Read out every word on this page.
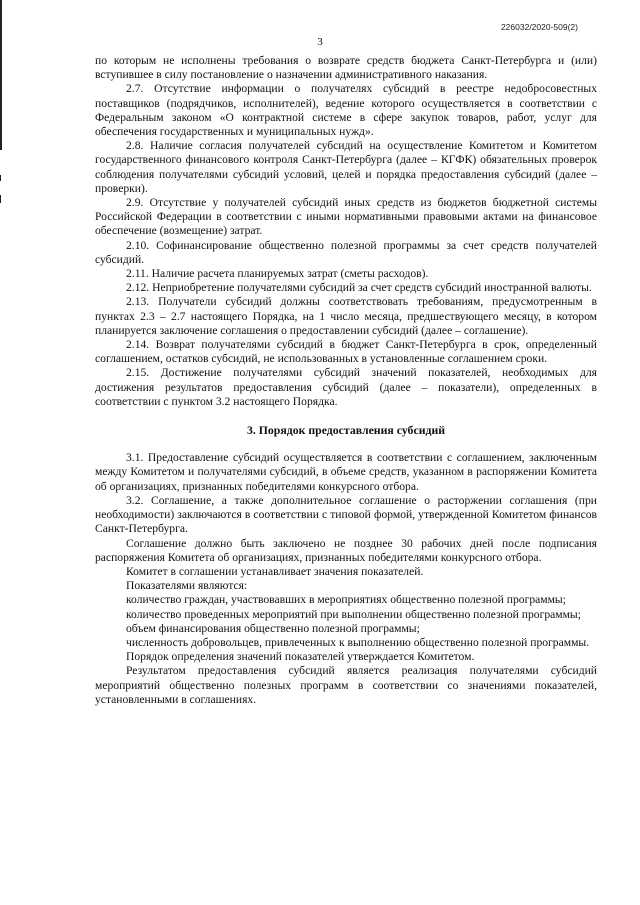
226032/2020-509(2)
3

по которым не исполнены требования о возврате средств бюджета Санкт-Петербурга и (или) вступившее в силу постановление о назначении административного наказания.

2.7. Отсутствие информации о получателях субсидий в реестре недобросовестных поставщиков (подрядчиков, исполнителей), ведение которого осуществляется в соответствии с Федеральным законом «О контрактной системе в сфере закупок товаров, работ, услуг для обеспечения государственных и муниципальных нужд».

2.8. Наличие согласия получателей субсидий на осуществление Комитетом и Комитетом государственного финансового контроля Санкт-Петербурга (далее – КГФК) обязательных проверок соблюдения получателями субсидий условий, целей и порядка предоставления субсидий (далее – проверки).

2.9. Отсутствие у получателей субсидий иных средств из бюджетов бюджетной системы Российской Федерации в соответствии с иными нормативными правовыми актами на финансовое обеспечение (возмещение) затрат.

2.10. Софинансирование общественно полезной программы за счет средств получателей субсидий.

2.11. Наличие расчета планируемых затрат (сметы расходов).

2.12. Неприобретение получателями субсидий за счет средств субсидий иностранной валюты.

2.13. Получатели субсидий должны соответствовать требованиям, предусмотренным в пунктах 2.3 – 2.7 настоящего Порядка, на 1 число месяца, предшествующего месяцу, в котором планируется заключение соглашения о предоставлении субсидий (далее – соглашение).

2.14. Возврат получателями субсидий в бюджет Санкт-Петербурга в срок, определенный соглашением, остатков субсидий, не использованных в установленные соглашением сроки.

2.15. Достижение получателями субсидий значений показателей, необходимых для достижения результатов предоставления субсидий (далее – показатели), определенных в соответствии с пунктом 3.2 настоящего Порядка.

3. Порядок предоставления субсидий

3.1. Предоставление субсидий осуществляется в соответствии с соглашением, заключенным между Комитетом и получателями субсидий, в объеме средств, указанном в распоряжении Комитета об организациях, признанных победителями конкурсного отбора.

3.2. Соглашение, а также дополнительное соглашение о расторжении соглашения (при необходимости) заключаются в соответствии с типовой формой, утвержденной Комитетом финансов Санкт-Петербурга.

Соглашение должно быть заключено не позднее 30 рабочих дней после подписания распоряжения Комитета об организациях, признанных победителями конкурсного отбора.

Комитет в соглашении устанавливает значения показателей.

Показателями являются:

количество граждан, участвовавших в мероприятиях общественно полезной программы;

количество проведенных мероприятий при выполнении общественно полезной программы;

объем финансирования общественно полезной программы;

численность добровольцев, привлеченных к выполнению общественно полезной программы.

Порядок определения значений показателей утверждается Комитетом.

Результатом предоставления субсидий является реализация получателями субсидий мероприятий общественно полезных программ в соответствии со значениями показателей, установленными в соглашениях.
